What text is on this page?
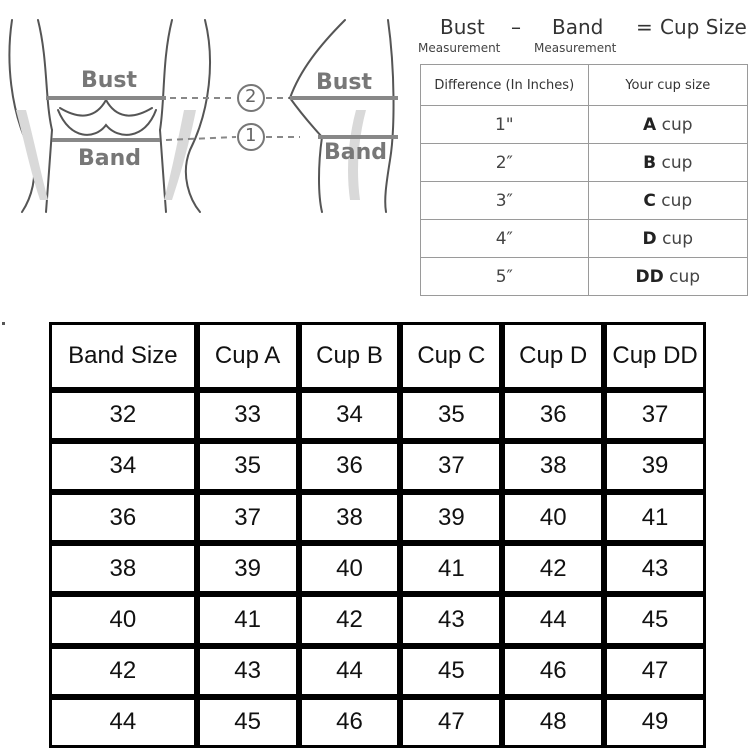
Bust
Band
Bust
Band
2
1
Bust
Measurement
– Band
Measurement
= Cup Size
Difference (In Inches)	Your cup size
1"	A cup
2″	B cup
3″	C cup
4″	D cup
5″	DD cup
Band Size	Cup A	Cup B	Cup C	Cup D	Cup DD
32	33	34	35	36	37
34	35	36	37	38	39
36	37	38	39	40	41
38	39	40	41	42	43
40	41	42	43	44	45
42	43	44	45	46	47
44	45	46	47	48	49
